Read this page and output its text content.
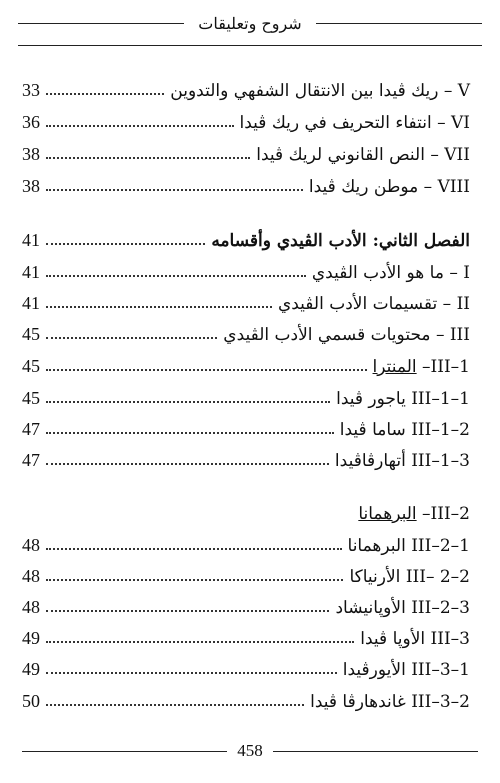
شروح وتعليقات
V – ريك ڤيدا بين الانتقال الشفهي والتدوين
33
VI – انتفاء التحريف في ريك ڤيدا
36
VII – النص القانوني لريك ڤيدا
38
VIII – موطن ريك ڤيدا
38
الفصل الثاني: الأدب الڤيدي وأقسامه
41
I – ما هو الأدب الڤيدي
41
II – تقسيمات الأدب الڤيدي
41
III – محتويات قسمي الأدب الڤيدي
45
III–1– المنترا
45
III–1–1 ياجور ڤيدا
45
III–1–2 ساما ڤيدا
47
III–1–3 أتهارڤاڤيدا
47
III–2– البرهمانا
III–2–1 البرهمانا
48
III– 2–2 الأرنياكا
48
III–2–3 الأوپانيشاد
48
III–3 الأوپا ڤيدا
49
III–3–1 الأيورڤيدا
49
III–3–2 غاندهارڤا ڤيدا
50
458
